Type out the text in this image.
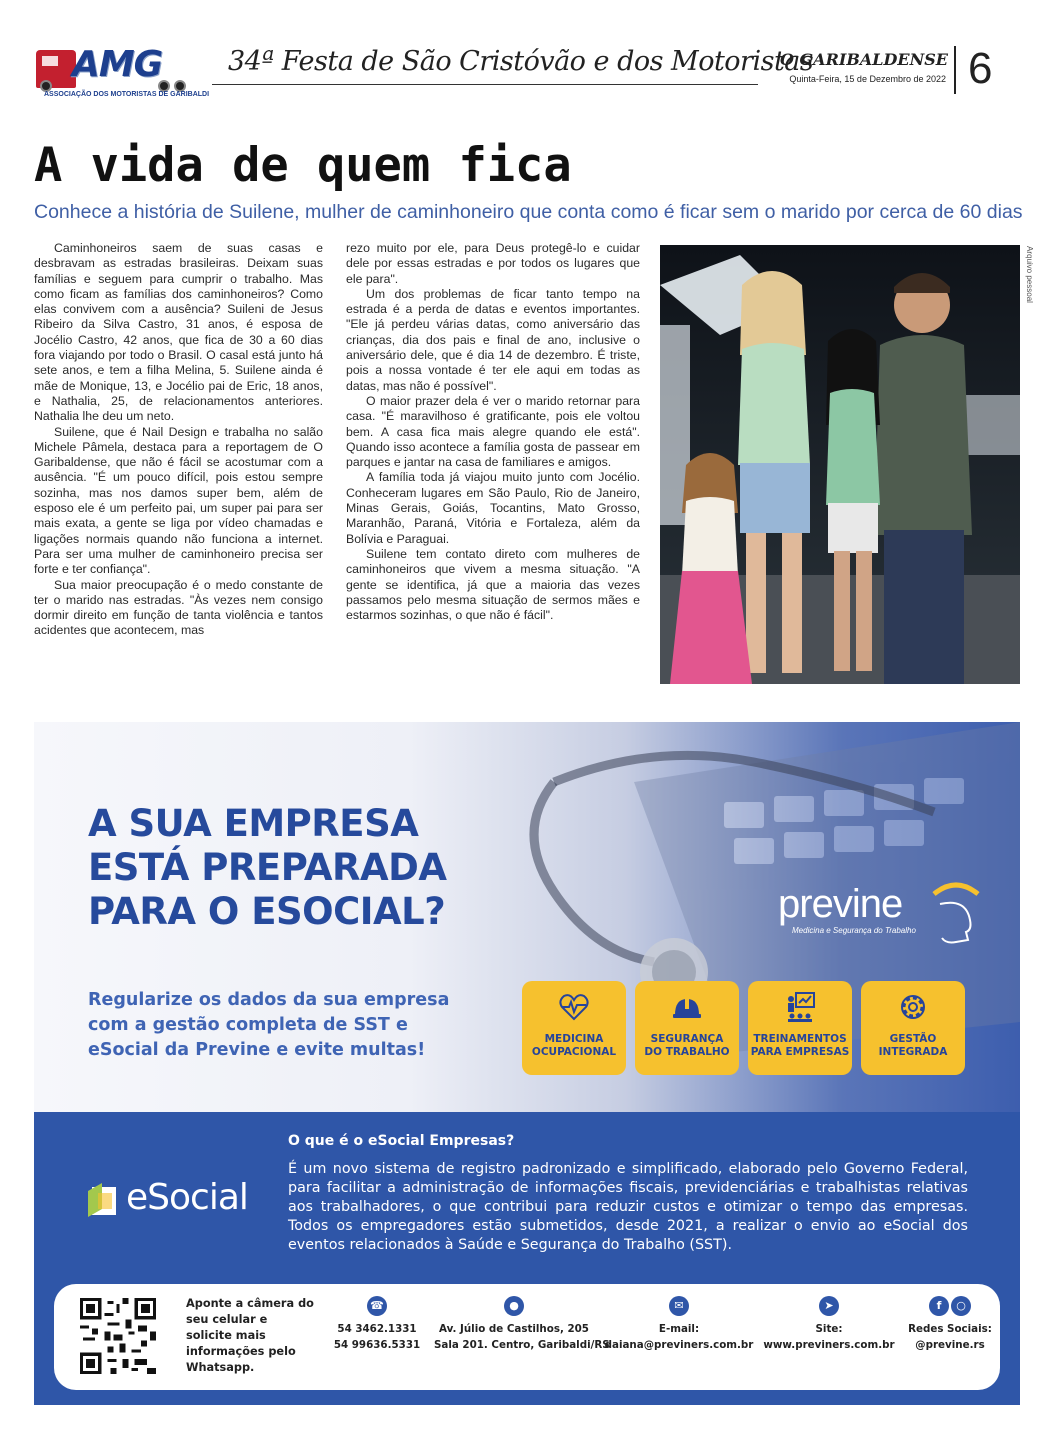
AMG
ASSOCIAÇÃO DOS MOTORISTAS DE GARIBALDI
34ª Festa de São Cristóvão e dos Motoristas
O GARIBALDENSE
Quinta-Feira, 15 de Dezembro de 2022 6
A vida de quem fica
Conhece a história de Suilene, mulher de caminhoneiro que conta como é ficar sem o marido por cerca de 60 dias

Caminhoneiros saem de suas casas e desbravam as estradas brasileiras. Deixam suas famílias e seguem para cumprir o trabalho. Mas como ficam as famílias dos caminhoneiros? Como elas convivem com a ausência? Suileni de Jesus Ribeiro da Silva Castro, 31 anos, é esposa de Jocélio Castro, 42 anos, que fica de 30 a 60 dias fora viajando por todo o Brasil. O casal está junto há sete anos, e tem a filha Melina, 5. Suilene ainda é mãe de Monique, 13, e Jocélio pai de Eric, 18 anos, e Nathalia, 25, de relacionamentos anteriores. Nathalia lhe deu um neto.

Suilene, que é Nail Design e trabalha no salão Michele Pâmela, destaca para a reportagem de O Garibaldense, que não é fácil se acostumar com a ausência. "É um pouco difícil, pois estou sempre sozinha, mas nos damos super bem, além de esposo ele é um perfeito pai, um super pai para ser mais exata, a gente se liga por vídeo chamadas e ligações normais quando não funciona a internet. Para ser uma mulher de caminhoneiro precisa ser forte e ter confiança".

Sua maior preocupação é o medo constante de ter o marido nas estradas. "Às vezes nem consigo dormir direito em função de tanta violência e tantos acidentes que acontecem, mas

rezo muito por ele, para Deus protegê-lo e cuidar dele por essas estradas e por todos os lugares que ele para".

Um dos problemas de ficar tanto tempo na estrada é a perda de datas e eventos importantes. "Ele já perdeu várias datas, como aniversário das crianças, dia dos pais e final de ano, inclusive o aniversário dele, que é dia 14 de dezembro. É triste, pois a nossa vontade é ter ele aqui em todas as datas, mas não é possível".

O maior prazer dela é ver o marido retornar para casa. "É maravilhoso é gratificante, pois ele voltou bem. A casa fica mais alegre quando ele está". Quando isso acontece a família gosta de passear em parques e jantar na casa de familiares e amigos.

A família toda já viajou muito junto com Jocélio. Conheceram lugares em São Paulo, Rio de Janeiro, Minas Gerais, Goiás, Tocantins, Mato Grosso, Maranhão, Paraná, Vitória e Fortaleza, além da Bolívia e Paraguai.

Suilene tem contato direto com mulheres de caminhoneiros que vivem a mesma situação. "A gente se identifica, já que a maioria das vezes passamos pelo mesma situação de sermos mães e estarmos sozinhas, o que não é fácil".

Arquivo pessoal
A SUA EMPRESA
ESTÁ PREPARADA
PARA O ESOCIAL?
Regularize os dados da sua empresa com a gestão completa de SST e eSocial da Previne e evite multas!
previne
Medicina e Segurança do Trabalho
MEDICINA
OCUPACIONAL
SEGURANÇA
DO TRABALHO
TREINAMENTOS
PARA EMPRESAS
GESTÃO
INTEGRADA
eSocial
O que é o eSocial Empresas?
É um novo sistema de registro padronizado e simplificado, elaborado pelo Governo Federal, para facilitar a administração de informações fiscais, previdenciárias e trabalhistas relativas aos trabalhadores, o que contribui para reduzir custos e otimizar o tempo das empresas. Todos os empregadores estão submetidos, desde 2021, a realizar o envio ao eSocial dos eventos relacionados à Saúde e Segurança do Trabalho (SST).
Aponte a câmera do seu celular e solicite mais informações pelo Whatsapp.
☎
54 3462.1331
54 99636.5331
●
Av. Júlio de Castilhos, 205
Sala 201. Centro, Garibaldi/RS
✉
E-mail:
daiana@previners.com.br
➤
Site:
www.previners.com.br
f ○
Redes Sociais:
@previne.rs
